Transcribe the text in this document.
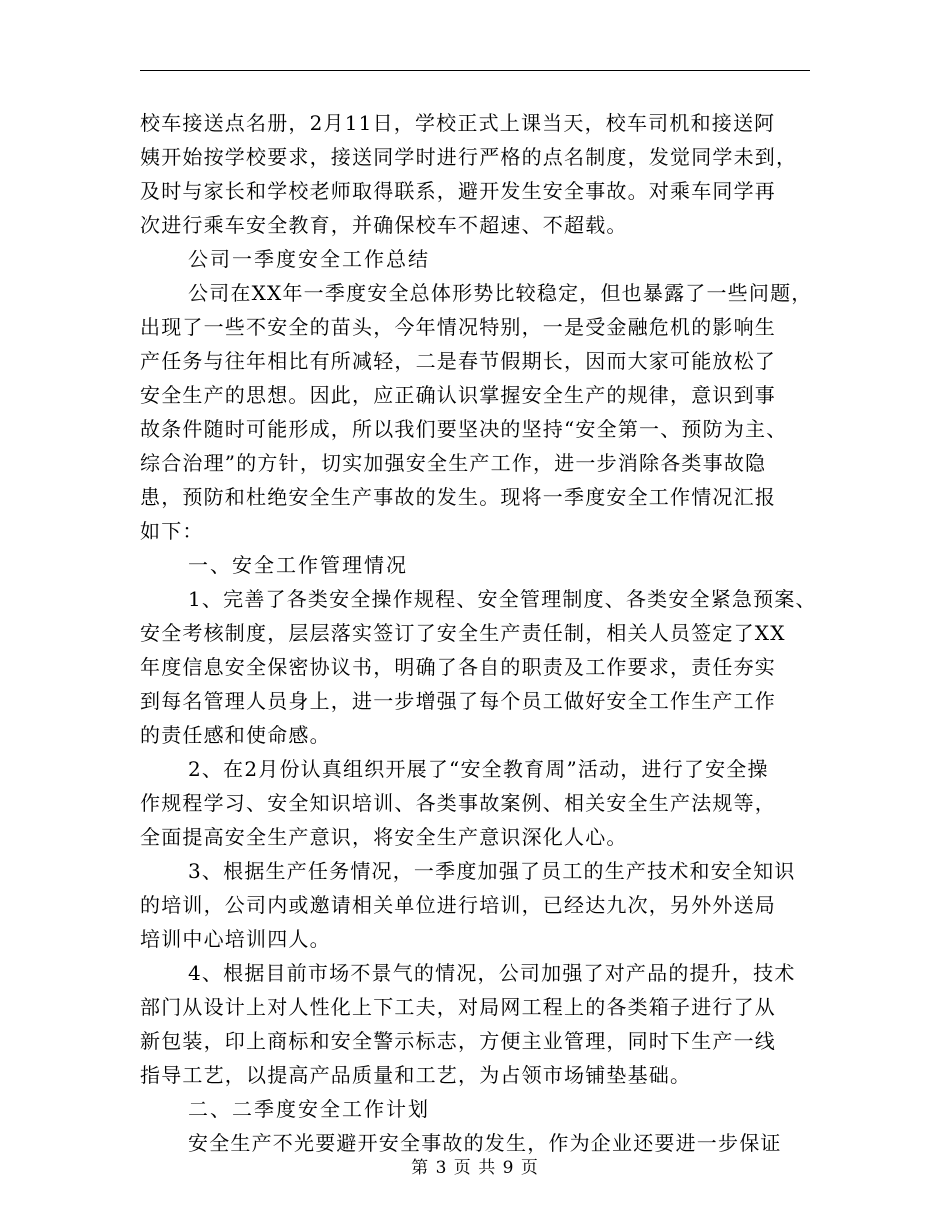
校车接送点名册，2月11日，学校正式上课当天，校车司机和接送阿
姨开始按学校要求，接送同学时进行严格的点名制度，发觉同学未到，
及时与家长和学校老师取得联系，避开发生安全事故。对乘车同学再
次进行乘车安全教育，并确保校车不超速、不超载。
公司一季度安全工作总结
公司在XX年一季度安全总体形势比较稳定，但也暴露了一些问题，
出现了一些不安全的苗头，今年情况特别，一是受金融危机的影响生
产任务与往年相比有所减轻，二是春节假期长，因而大家可能放松了
安全生产的思想。因此，应正确认识掌握安全生产的规律，意识到事
故条件随时可能形成，所以我们要坚决的坚持“安全第一、预防为主、
综合治理”的方针，切实加强安全生产工作，进一步消除各类事故隐
患，预防和杜绝安全生产事故的发生。现将一季度安全工作情况汇报
如下：
一、安全工作管理情况
1、完善了各类安全操作规程、安全管理制度、各类安全紧急预案、
安全考核制度，层层落实签订了安全生产责任制，相关人员签定了XX
年度信息安全保密协议书，明确了各自的职责及工作要求，责任夯实
到每名管理人员身上，进一步增强了每个员工做好安全工作生产工作
的责任感和使命感。
2、在2月份认真组织开展了“安全教育周”活动，进行了安全操
作规程学习、安全知识培训、各类事故案例、相关安全生产法规等，
全面提高安全生产意识，将安全生产意识深化人心。
3、根据生产任务情况，一季度加强了员工的生产技术和安全知识
的培训，公司内或邀请相关单位进行培训，已经达九次，另外外送局
培训中心培训四人。
4、根据目前市场不景气的情况，公司加强了对产品的提升，技术
部门从设计上对人性化上下工夫，对局网工程上的各类箱子进行了从
新包装，印上商标和安全警示标志，方便主业管理，同时下生产一线
指导工艺，以提高产品质量和工艺，为占领市场铺垫基础。
二、二季度安全工作计划
安全生产不光要避开安全事故的发生，作为企业还要进一步保证
第 3 页 共 9 页
